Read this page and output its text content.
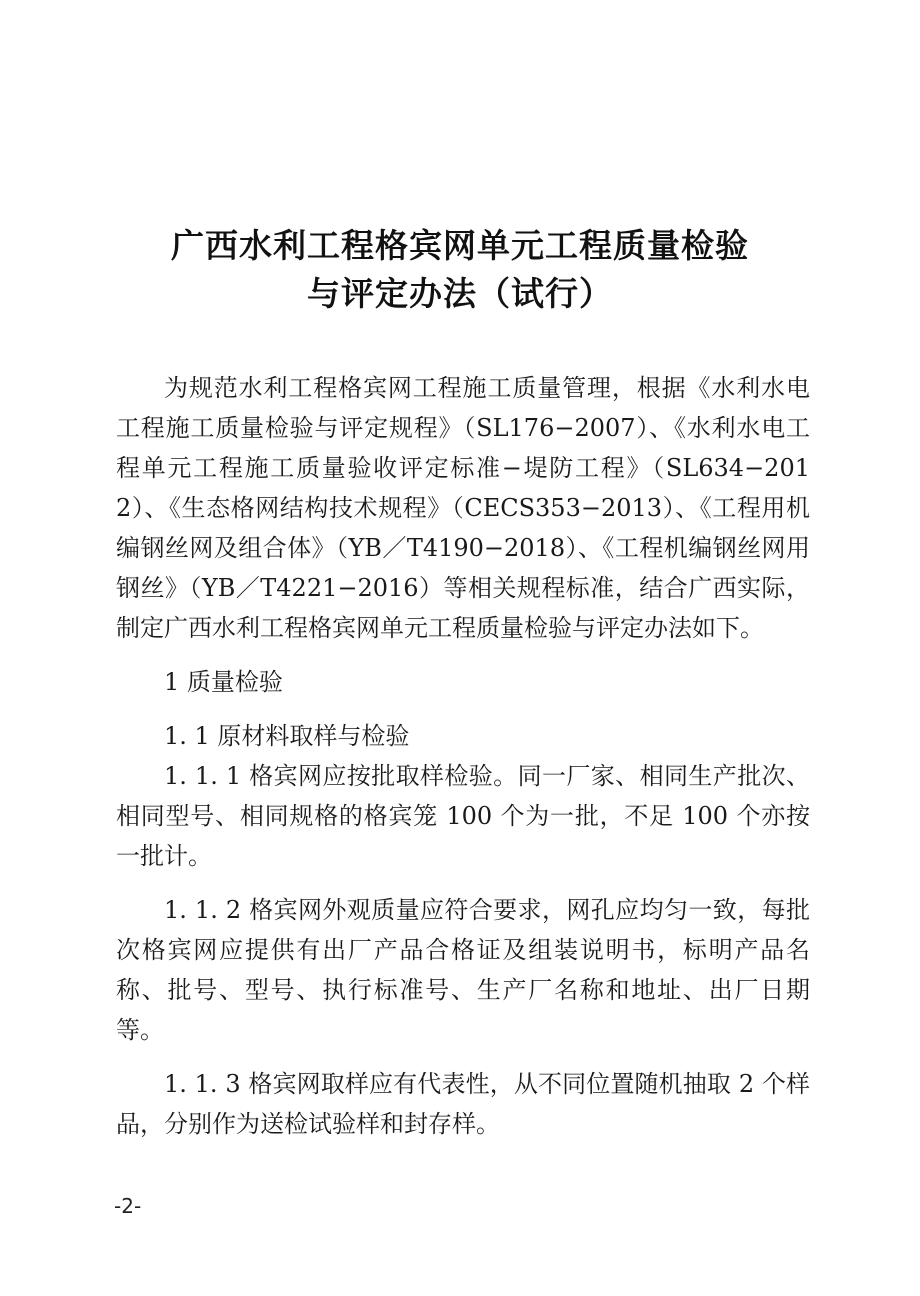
广西水利工程格宾网单元工程质量检验
与评定办法（试行）

为规范水利工程格宾网工程施工质量管理，根据《水利水电工程施工质量检验与评定规程》（SL176−2007）、《水利水电工程单元工程施工质量验收评定标准−堤防工程》（SL634−2012）、《生态格网结构技术规程》（CECS353−2013）、《工程用机编钢丝网及组合体》（YB／T4190−2018）、《工程机编钢丝网用钢丝》（YB／T4221−2016）等相关规程标准，结合广西实际，制定广西水利工程格宾网单元工程质量检验与评定办法如下。

1 质量检验

1. 1 原材料取样与检验

1. 1. 1 格宾网应按批取样检验。同一厂家、相同生产批次、相同型号、相同规格的格宾笼 100 个为一批，不足 100 个亦按一批计。

1. 1. 2 格宾网外观质量应符合要求，网孔应均匀一致，每批次格宾网应提供有出厂产品合格证及组装说明书，标明产品名称、批号、型号、执行标准号、生产厂名称和地址、出厂日期等。

1. 1. 3 格宾网取样应有代表性，从不同位置随机抽取 2 个样品，分别作为送检试验样和封存样。

-2-
